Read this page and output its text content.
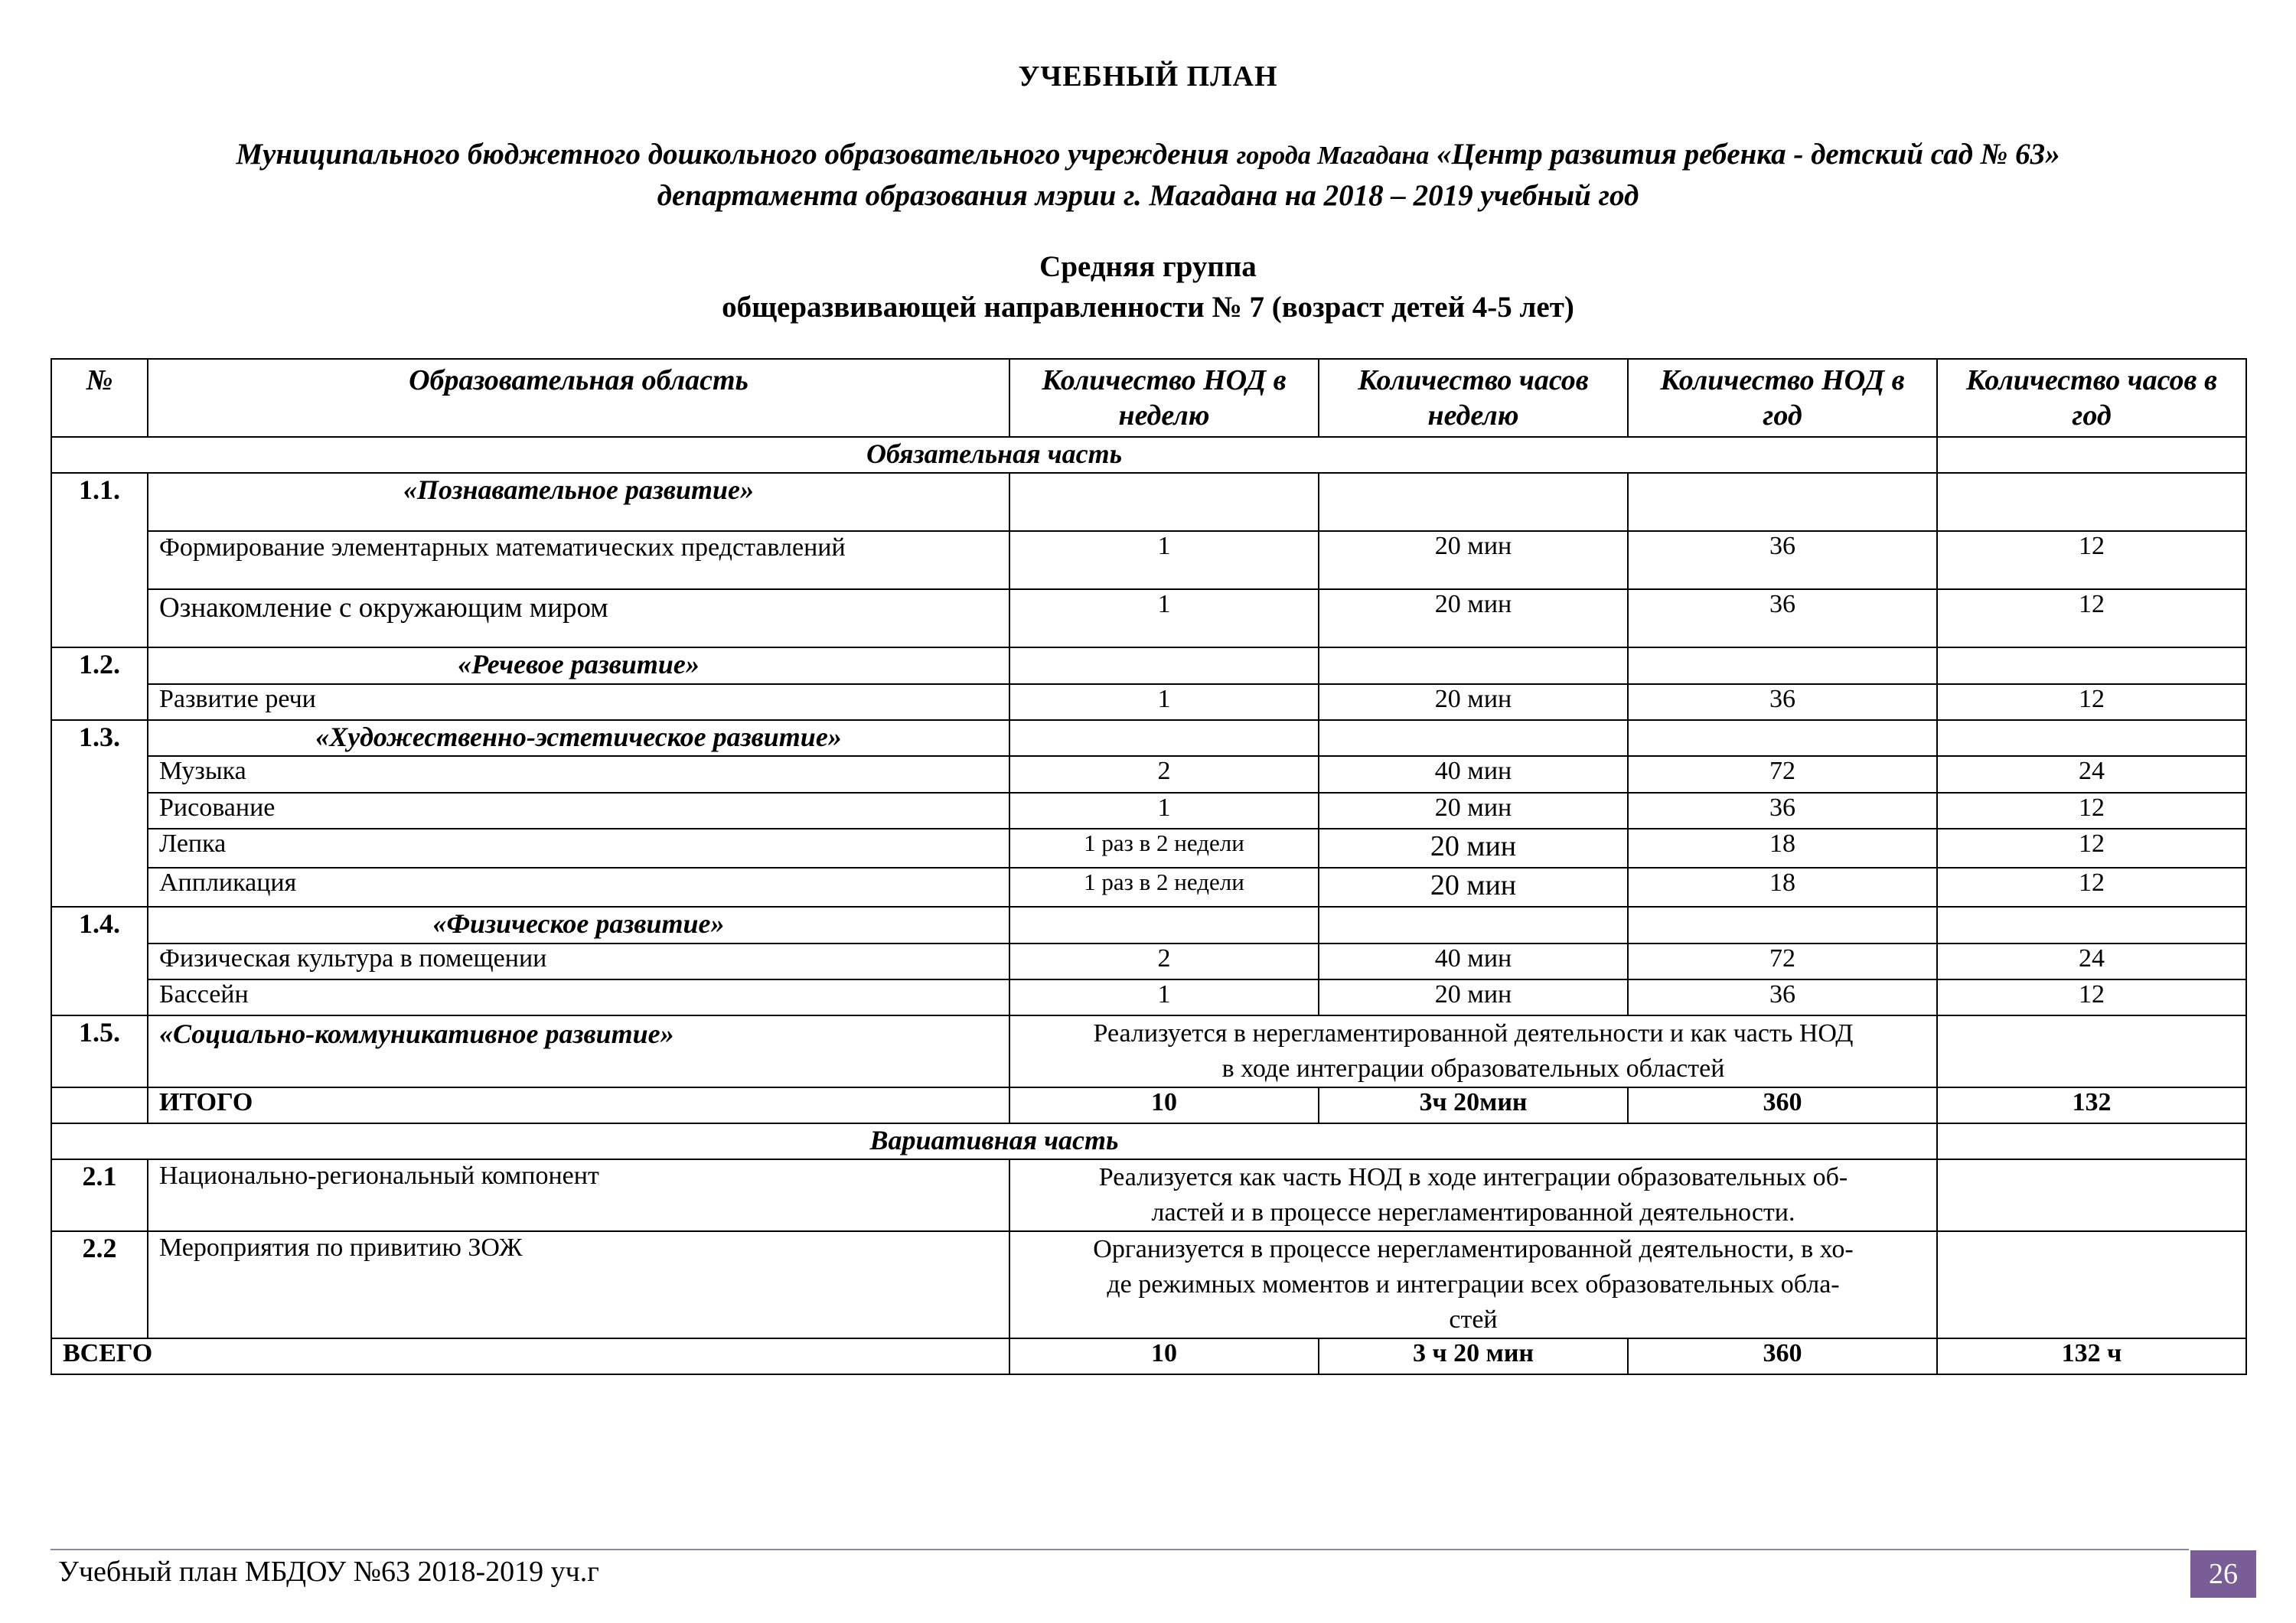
УЧЕБНЫЙ ПЛАН
Муниципального бюджетного дошкольного образовательного учреждения города Магадана «Центр развития ребенка - детский сад № 63»
департамента образования мэрии г. Магадана на 2018 – 2019 учебный год
Средняя группа
общеразвивающей направленности № 7 (возраст детей 4-5 лет)
№	Образовательная область	Количество НОД в неделю	Количество часов неделю	Количество НОД в год	Количество часов в год
Обязательная часть					
1.1.	«Познавательное развитие»				
	Формирование элементарных математических представлений	1	20 мин	36	12
	Ознакомление с окружающим миром	1	20 мин	36	12
1.2.	«Речевое развитие»				
	Развитие речи	1	20 мин	36	12
1.3.	«Художественно-эстетическое развитие»				
	Музыка	2	40 мин	72	24
	Рисование	1	20 мин	36	12
	Лепка	1 раз в 2 недели	20 мин	18	12
	Аппликация	1 раз в 2 недели	20 мин	18	12
1.4.	«Физическое развитие»				
	Физическая культура в помещении	2	40 мин	72	24
	Бассейн	1	20 мин	36	12
1.5.	«Социально-коммуникативное развитие»	Реализуется в нерегламентированной деятельности и как часть НОД
в ходе интеграции образовательных областей			

	ИТОГО	10	3ч 20мин	360	132
Вариативная часть					
2.1	Национально-региональный компонент	Реализуется как часть НОД в ходе интеграции образовательных об-
ластей и в процессе нерегламентированной деятельности.			

2.2	Мероприятия по привитию ЗОЖ	Организуется в процессе нерегламентированной деятельности, в хо-
де режимных моментов и интеграции всех образовательных обла-
стей			

ВСЕГО		10	3 ч 20 мин	360	132 ч
Учебный план МБДОУ №63 2018-2019 уч.г	26
